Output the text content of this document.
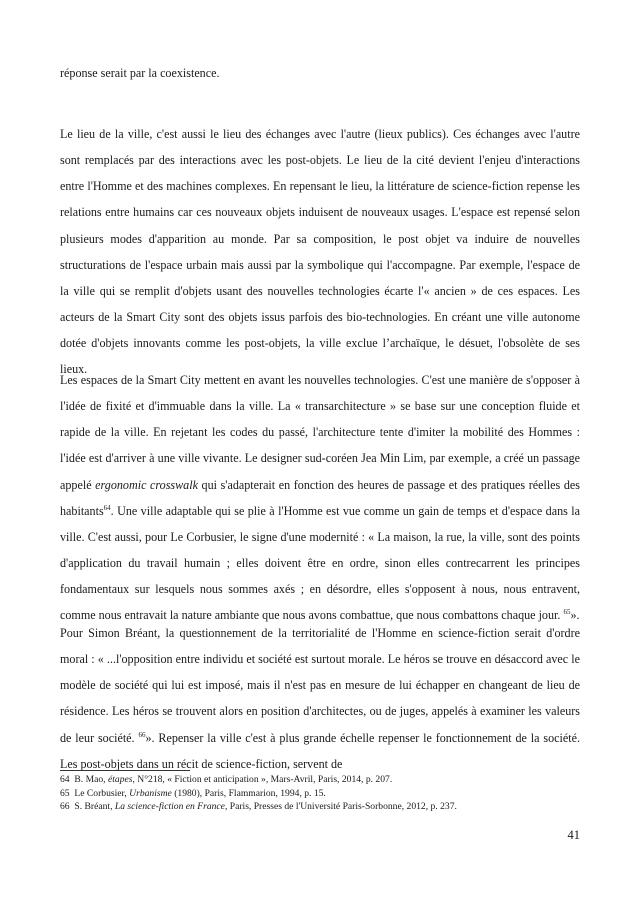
réponse serait par la coexistence.

Le lieu de la ville, c'est aussi le lieu des échanges avec l'autre (lieux publics). Ces échanges avec l'autre sont remplacés par des interactions avec les post-objets. Le lieu de la cité devient l'enjeu d'interactions entre l'Homme et des machines complexes. En repensant le lieu, la littérature de science-fiction repense les relations entre humains car ces nouveaux objets induisent de nouveaux usages. L'espace est repensé selon plusieurs modes d'apparition au monde. Par sa composition, le post objet va induire de nouvelles structurations de l'espace urbain mais aussi par la symbolique qui l'accompagne. Par exemple, l'espace de la ville qui se remplit d'objets usant des nouvelles technologies écarte l'« ancien » de ces espaces. Les acteurs de la Smart City sont des objets issus parfois des bio-technologies. En créant une ville autonome dotée d'objets innovants comme les post-objets, la ville exclue l’archaïque, le désuet, l'obsolète de ses lieux.

Les espaces de la Smart City mettent en avant les nouvelles technologies. C'est une manière de s'opposer à l'idée de fixité et d'immuable dans la ville. La « transarchitecture » se base sur une conception fluide et rapide de la ville. En rejetant les codes du passé, l'architecture tente d'imiter la mobilité des Hommes : l'idée est d'arriver à une ville vivante. Le designer sud-coréen Jea Min Lim, par exemple, a créé un passage appelé ergonomic crosswalk qui s'adapterait en fonction des heures de passage et des pratiques réelles des habitants$^{64}$. Une ville adaptable qui se plie à l'Homme est vue comme un gain de temps et d'espace dans la ville. C'est aussi, pour Le Corbusier, le signe d'une modernité : « La maison, la rue, la ville, sont des points d'application du travail humain ; elles doivent être en ordre, sinon elles contrecarrent les principes fondamentaux sur lesquels nous sommes axés ; en désordre, elles s'opposent à nous, nous entravent, comme nous entravait la nature ambiante que nous avons combattue, que nous combattons chaque jour. $^{65}$».

Pour Simon Bréant, la questionnement de la territorialité de l'Homme en science-fiction serait d'ordre moral : « ...l'opposition entre individu et société est surtout morale. Le héros se trouve en désaccord avec le modèle de société qui lui est imposé, mais il n'est pas en mesure de lui échapper en changeant de lieu de résidence. Les héros se trouvent alors en position d'architectes, ou de juges, appelés à examiner les valeurs de leur société. $^{66}$». Repenser la ville c'est à plus grande échelle repenser le fonctionnement de la société. Les post-objets dans un récit de science-fiction, servent de

64 B. Mao, étapes, N°218, « Fiction et anticipation », Mars-Avril, Paris, 2014, p. 207.
65 Le Corbusier, Urbanisme (1980), Paris, Flammarion, 1994, p. 15.
66 S. Bréant, La science-fiction en France, Paris, Presses de l'Université Paris-Sorbonne, 2012, p. 237.
41
